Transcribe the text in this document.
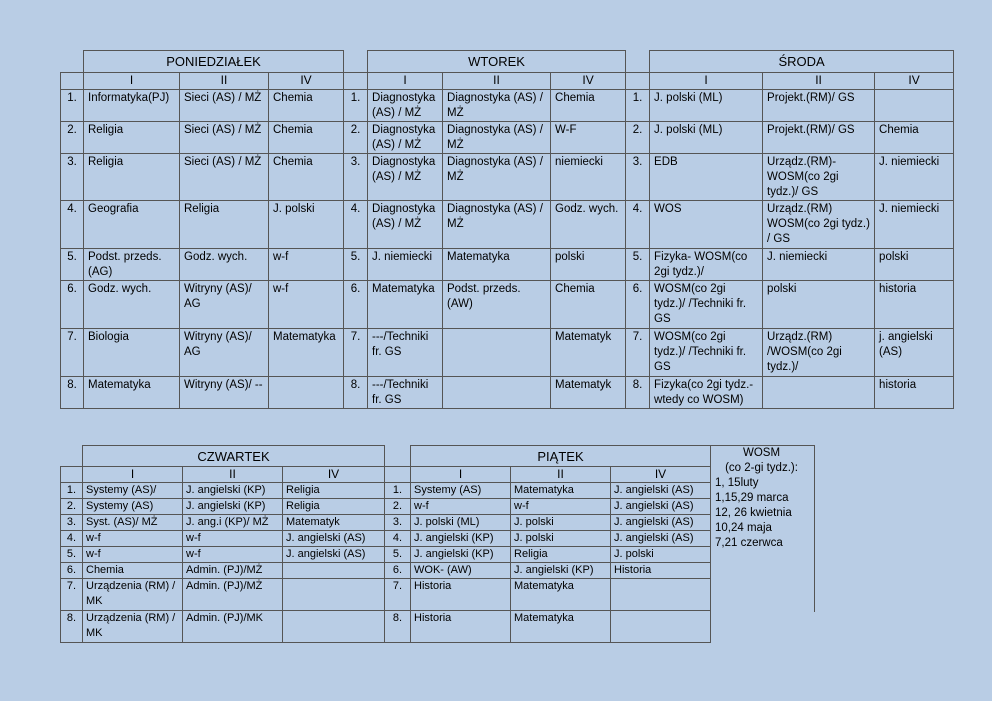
	PONIEDZIAŁEK				WTOREK				ŚRODA		
	I	II	IV		I	II	IV		I	II	IV
1.	Informatyka(PJ)	Sieci (AS) / MŻ	Chemia	1.	Diagnostyka (AS) / MŻ	Diagnostyka (AS) / MŻ	Chemia	1.	J. polski (ML)	Projekt.(RM)/ GS	
2.	Religia	Sieci (AS) / MŻ	Chemia	2.	Diagnostyka (AS) / MŻ	Diagnostyka (AS) / MŻ	W-F	2.	J. polski (ML)	Projekt.(RM)/ GS	Chemia
3.	Religia	Sieci (AS) / MŻ	Chemia	3.	Diagnostyka (AS) / MŻ	Diagnostyka (AS) / MŻ	niemiecki	3.	EDB	Urządz.(RM)- WOSM(co 2gi tydz.)/ GS	J. niemiecki
4.	Geografia	Religia	J. polski	4.	Diagnostyka (AS) / MŻ	Diagnostyka (AS) / MŻ	Godz. wych.	4.	WOS	Urządz.(RM) WOSM(co 2gi tydz.) / GS	J. niemiecki
5.	Podst. przeds. (AG)	Godz. wych.	w-f	5.	J. niemiecki	Matematyka	polski	5.	Fizyka- WOSM(co 2gi tydz.)/	J. niemiecki	polski
6.	Godz. wych.	Witryny (AS)/ AG	w-f	6.	Matematyka	Podst. przeds. (AW)	Chemia	6.	WOSM(co 2gi tydz.)/ /Techniki fr. GS	polski	historia
7.	Biologia	Witryny (AS)/ AG	Matematyka	7.	---/Techniki fr. GS		Matematyk	7.	WOSM(co 2gi tydz.)/ /Techniki fr. GS	Urządz.(RM) /WOSM(co 2gi tydz.)/	j. angielski (AS)
8.	Matematyka	Witryny (AS)/ --		8.	---/Techniki fr. GS		Matematyk	8.	Fizyka(co 2gi tydz.- wtedy co WOSM)		historia
	CZWARTEK				PIĄTEK		
	I	II	IV		I	II	IV
1.	Systemy (AS)/	J. angielski (KP)	Religia	1.	Systemy (AS)	Matematyka	J. angielski (AS)
2.	Systemy (AS)	J. angielski (KP)	Religia	2.	w-f	w-f	J. angielski (AS)
3.	Syst. (AS)/ MŻ	J. ang.i (KP)/ MŻ	Matematyk	3.	J. polski (ML)	J. polski	J. angielski (AS)
4.	w-f	w-f	J. angielski (AS)	4.	J. angielski (KP)	J. polski	J. angielski (AS)
5.	w-f	w-f	J. angielski (AS)	5.	J. angielski (KP)	Religia	J. polski
6.	Chemia	Admin. (PJ)/MŻ		6.	WOK- (AW)	J. angielski (KP)	Historia
7.	Urządzenia (RM) / MK	Admin. (PJ)/MŻ		7.	Historia	Matematyka	
8.	Urządzenia (RM) / MK	Admin. (PJ)/MK		8.	Historia	Matematyka	
WOSM
(co 2-gi tydz.):
1, 15luty
1,15,29 marca
12, 26 kwietnia
10,24 maja
7,21 czerwca
